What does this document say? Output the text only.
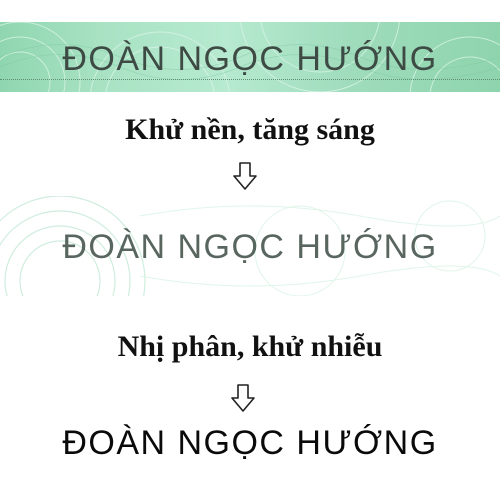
ĐOÀN NGỌC HƯỚNG
Khử nền, tăng sáng
ĐOÀN NGỌC HƯỚNG
Nhị phân, khử nhiễu
ĐOÀN NGỌC HƯỚNG
